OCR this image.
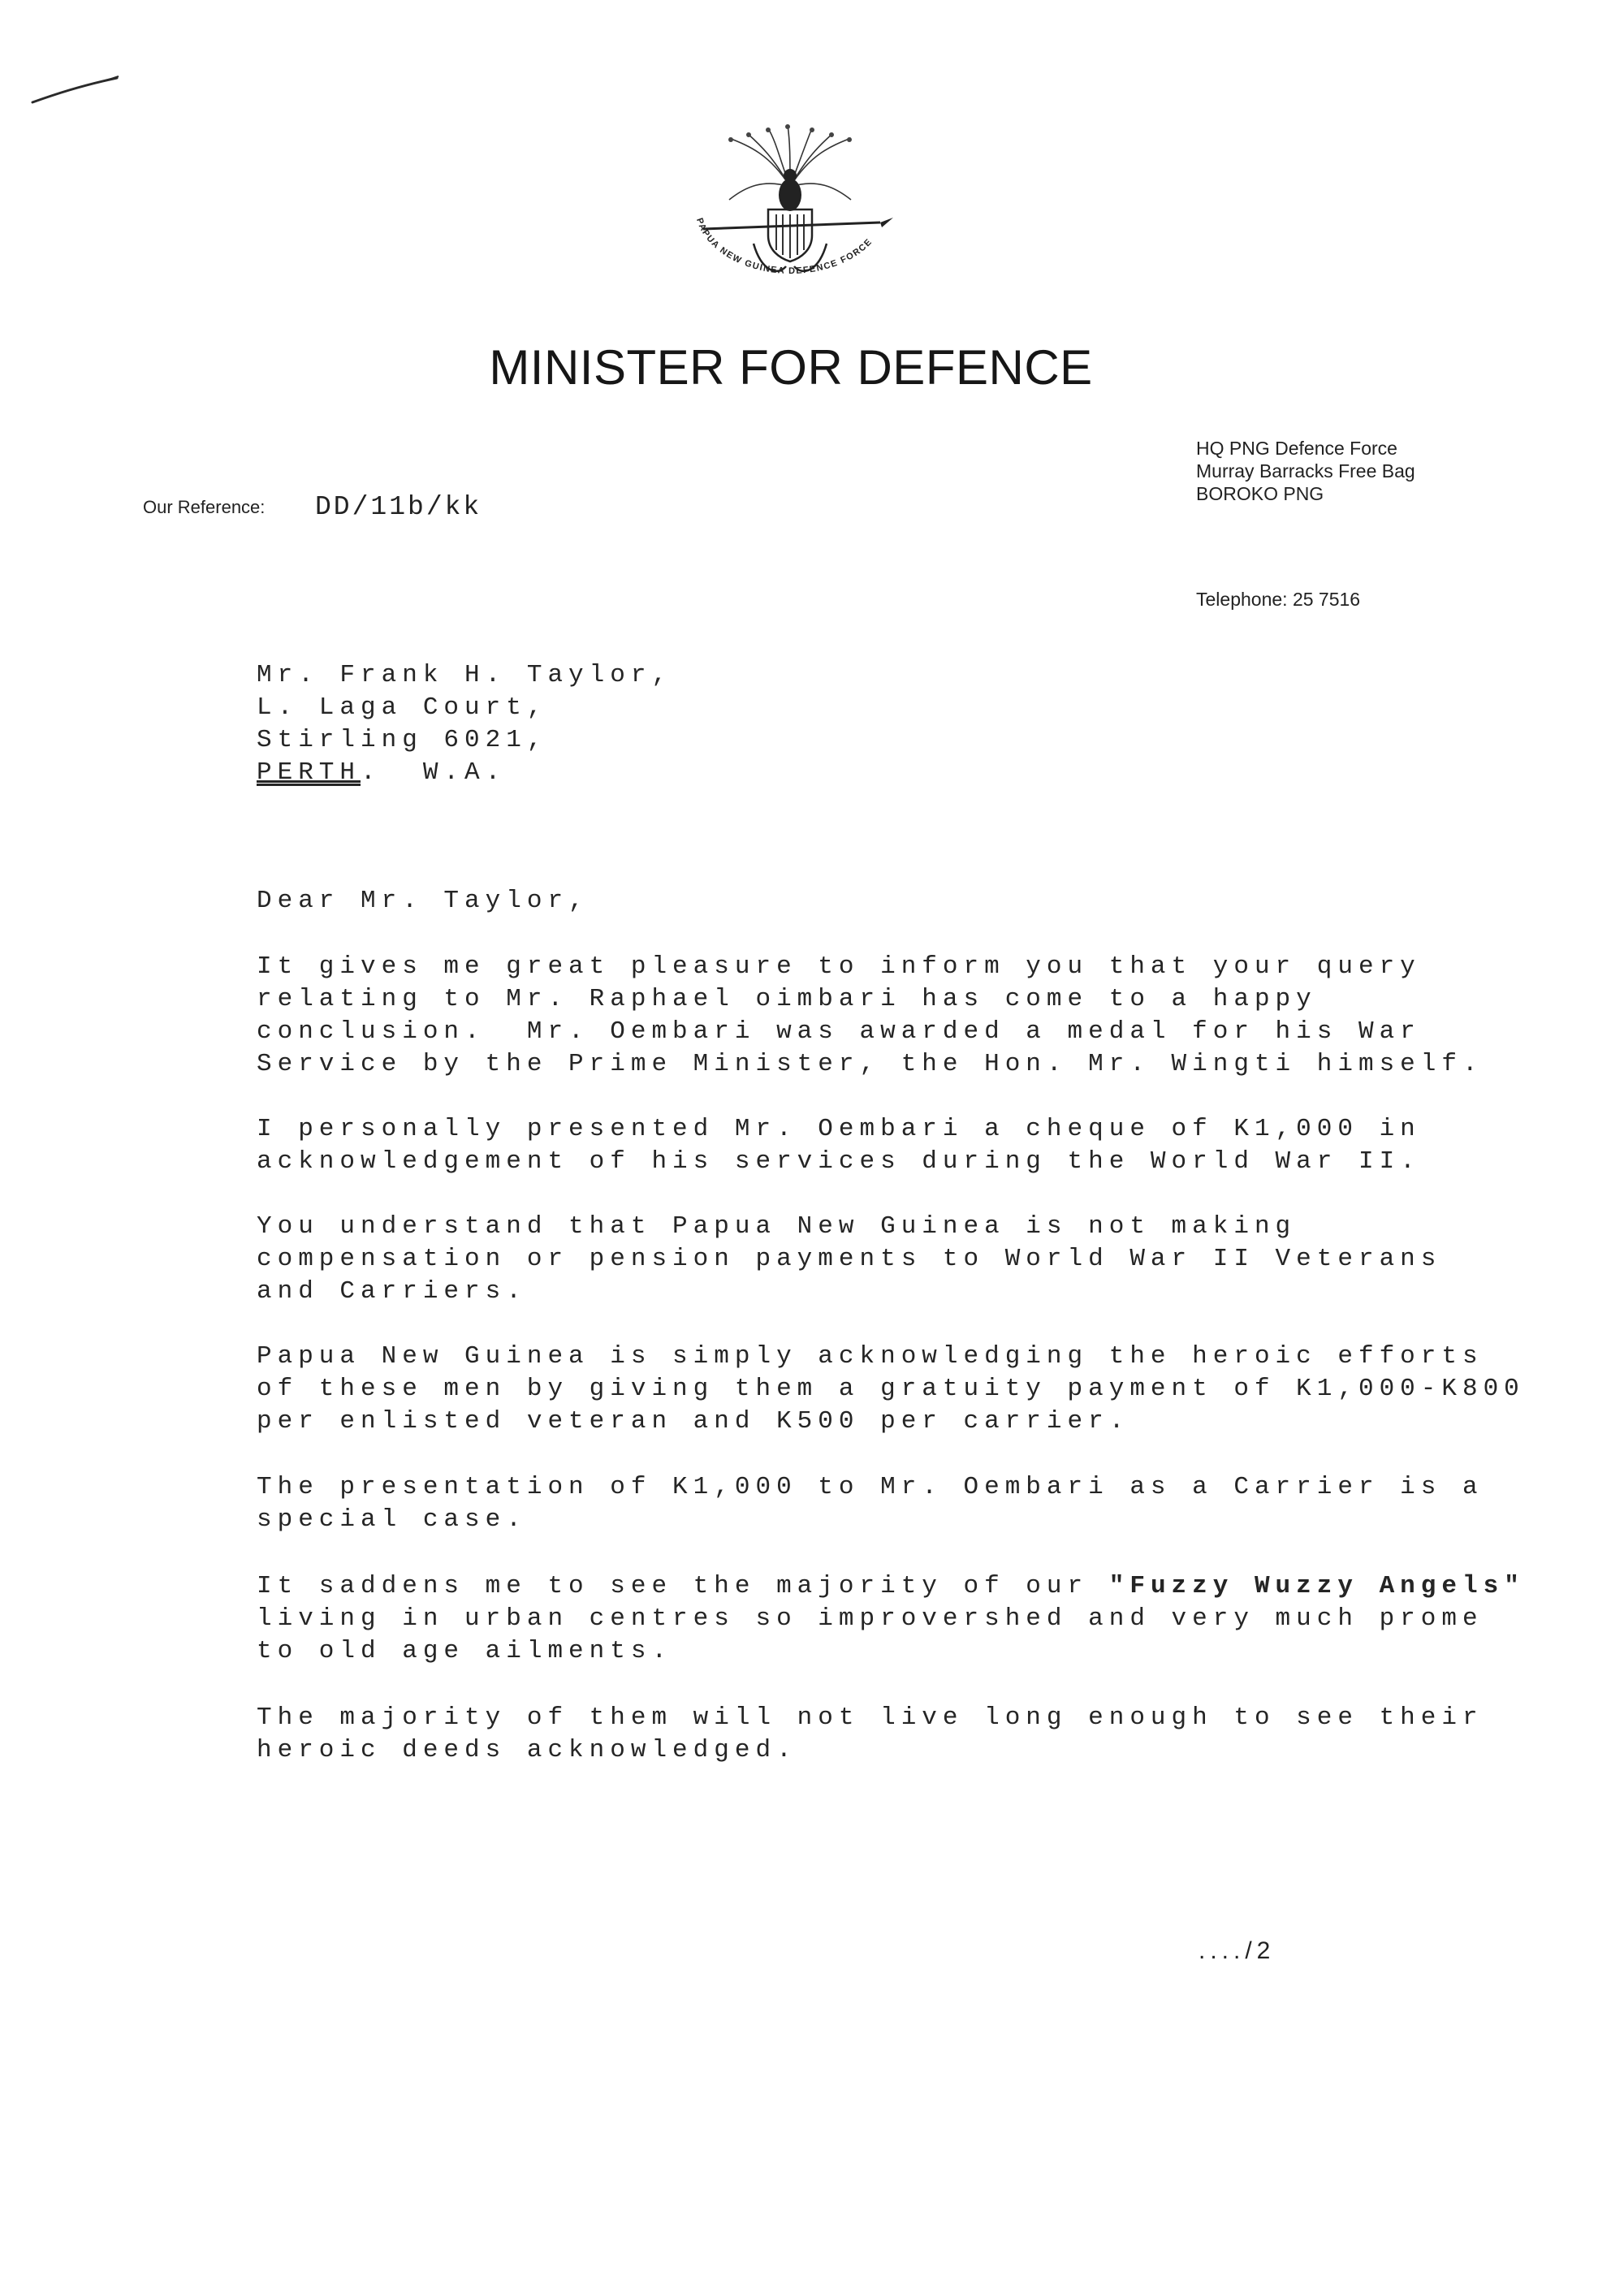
PAPUA NEW GUINEA DEFENCE FORCE
MINISTER FOR DEFENCE
HQ PNG Defence Force
Murray Barracks Free Bag
BOROKO PNG
Our Reference: DD/11b/kk
Telephone: 25 7516
Mr. Frank H. Taylor,
L. Laga Court,
Stirling 6021,
PERTH.  W.A.
Dear Mr. Taylor,
It gives me great pleasure to inform you that your query
relating to Mr. Raphael oimbari has come to a happy
conclusion.  Mr. Oembari was awarded a medal for his War
Service by the Prime Minister, the Hon. Mr. Wingti himself.
I personally presented Mr. Oembari a cheque of K1,000 in
acknowledgement of his services during the World War II.
You understand that Papua New Guinea is not making
compensation or pension payments to World War II Veterans
and Carriers.
Papua New Guinea is simply acknowledging the heroic efforts
of these men by giving them a gratuity payment of K1,000-K800
per enlisted veteran and K500 per carrier.
The presentation of K1,000 to Mr. Oembari as a Carrier is a
special case.
It saddens me to see the majority of our "Fuzzy Wuzzy Angels"
living in urban centres so improvershed and very much prome
to old age ailments.
The majority of them will not live long enough to see their
heroic deeds acknowledged.
..../2
